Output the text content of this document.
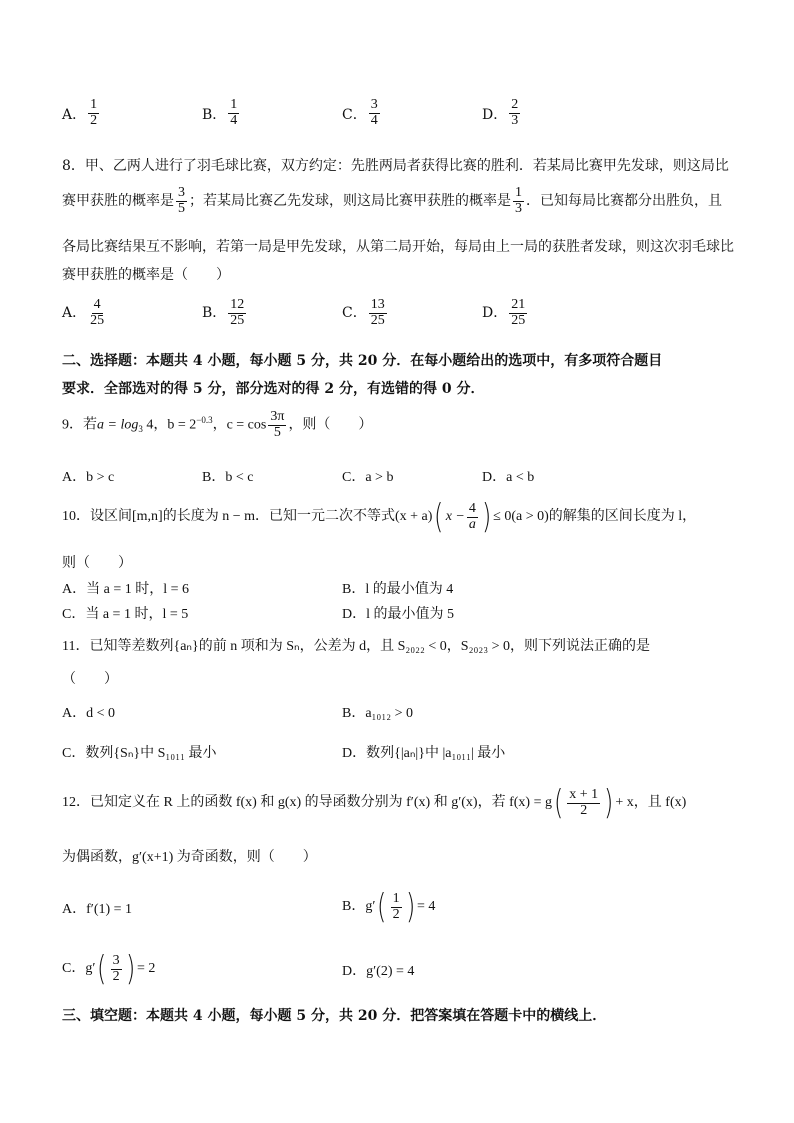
A． $\frac{1}{2}$	B． $\frac{1}{4}$	C． $\frac{3}{4}$	D． $\frac{2}{3}$
8．甲、乙两人进行了羽毛球比赛，双方约定：先胜两局者获得比赛的胜利．若某局比赛甲先发球，则这局比
赛甲获胜的概率是 $\frac{3}{5}$ ；若某局比赛乙先发球，则这局比赛甲获胜的概率是 $\frac{1}{3}$ ．已知每局比赛都分出胜负，且
各局比赛结果互不影响，若第一局是甲先发球，从第二局开始，每局由上一局的获胜者发球，则这次羽毛球比
赛甲获胜的概率是（　　）
A． $\frac{4}{25}$	B． $\frac{12}{25}$	C． $\frac{13}{25}$	D． $\frac{21}{25}$
二、选择题：本题共 4 小题，每小题 5 分，共 20 分．在每小题给出的选项中，有多项符合题目
要求．全部选对的得 5 分，部分选对的得 2 分，有选错的得 0 分．
9．若$a = \log_3 4$，$b = 2^{-0.3}$，$c = \cos \frac{3\pi}{5}$ ，则（　　）
A．b > c	B．b < c	C．a > b	D．a < b
10．设区间[m,n]的长度为 n − m．已知一元二次不等式(x + a)( $x - \frac{4}{a}$ ) ≤ 0(a > 0)的解集的区间长度为 l，
则（　　）
A．当 a = 1 时，l = 6	B．l 的最小值为 4
C．当 a = 1 时，l = 5	D．l 的最小值为 5
11．已知等差数列{aₙ}的前 n 项和为 Sₙ，公差为 d，且 S₂₀₂₂ < 0，S₂₀₂₃ > 0，则下列说法正确的是
（　　）
A．d < 0	B．a₁₀₁₂ > 0
C．数列{Sₙ}中 S₁₀₁₁ 最小	D．数列{|aₙ|}中 |a₁₀₁₁| 最小
12．已知定义在 R 上的函数 f(x) 和 g(x) 的导函数分别为 f′(x) 和 g′(x)，若 $f(x) = g( \frac{x + 1}{2}$ ) + x，且 f(x)
为偶函数，g′(x+1) 为奇函数，则（　　）
A．f′(1) = 1	B．$g'( \frac{1}{2}$ ) = 4
C．$g'( \frac{3}{2}$ ) = 2	D．g′(2) = 4
三、填空题：本题共 4 小题，每小题 5 分，共 20 分．把答案填在答题卡中的横线上．
